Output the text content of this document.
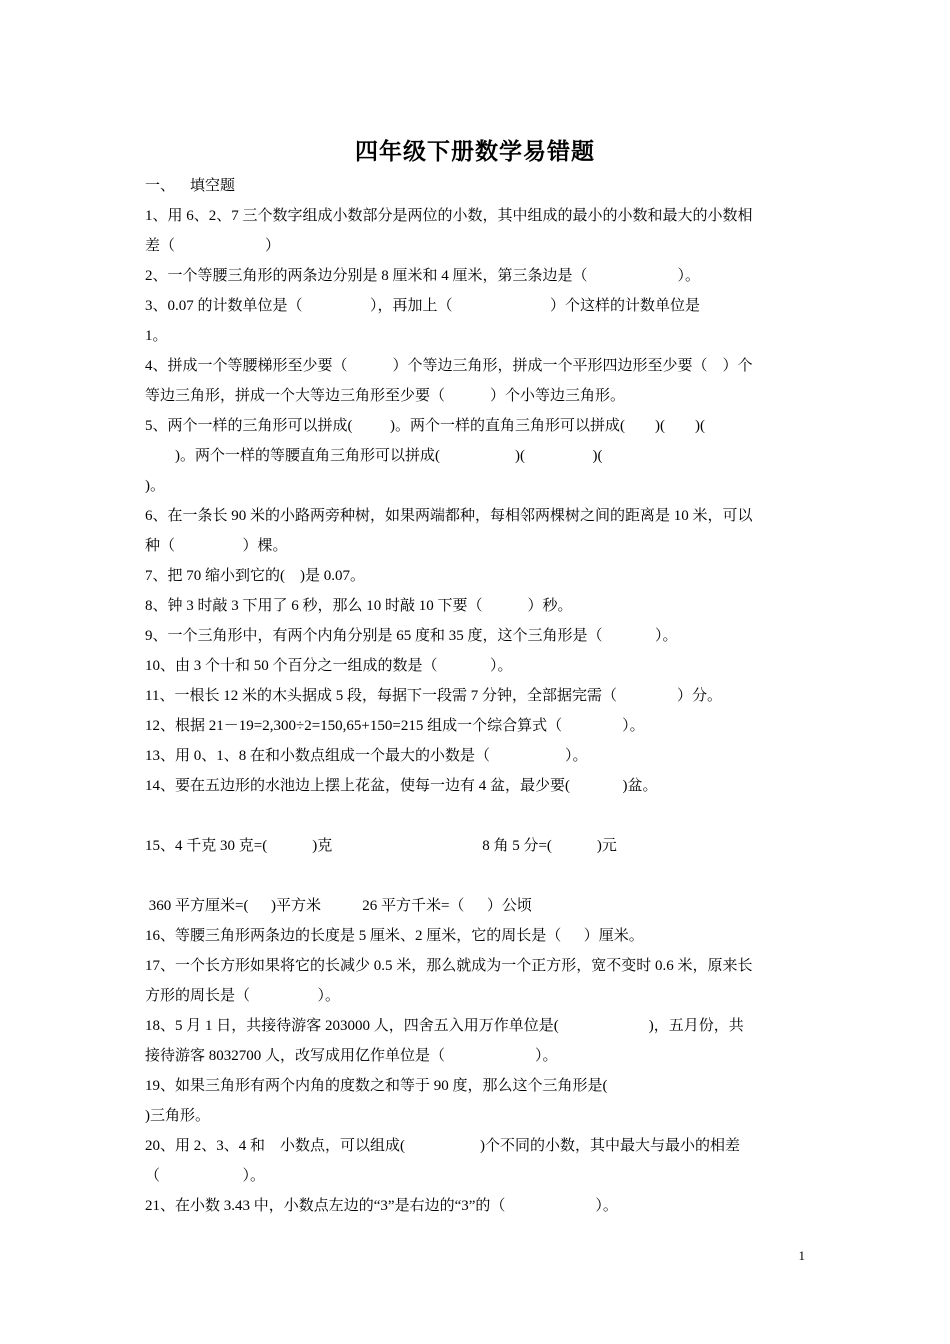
四年级下册数学易错题
一、    填空题
1、用 6、2、7 三个数字组成小数部分是两位的小数，其中组成的最小的小数和最大的小数相
差（                        ）
2、一个等腰三角形的两条边分别是 8 厘米和 4 厘米，第三条边是（                        ）。
3、0.07 的计数单位是（                  ），再加上（                          ）个这样的计数单位是
1。
4、拼成一个等腰梯形至少要（            ）个等边三角形，拼成一个平形四边形至少要（    ）个
等边三角形，拼成一个大等边三角形至少要（            ）个小等边三角形。
5、两个一样的三角形可以拼成(          )。两个一样的直角三角形可以拼成(        )(        )(
)。两个一样的等腰直角三角形可以拼成(                    )(                  )(
)。
6、在一条长 90 米的小路两旁种树，如果两端都种，每相邻两棵树之间的距离是 10 米，可以
种（                  ）棵。
7、把 70 缩小到它的(    )是 0.07。
8、钟 3 时敲 3 下用了 6 秒，那么 10 时敲 10 下要（            ）秒。
9、一个三角形中，有两个内角分别是 65 度和 35 度，这个三角形是（              ）。
10、由 3 个十和 50 个百分之一组成的数是（              ）。
11、一根长 12 米的木头据成 5 段，每据下一段需 7 分钟，全部据完需（                ）分。
12、根据 21－19=2,300÷2=150,65+150=215 组成一个综合算式（                ）。
13、用 0、1、8 在和小数点组成一个最大的小数是（                    ）。
14、要在五边形的水池边上摆上花盆，使每一边有 4 盆，最少要(              )盆。
15、4 千克 30 克=(            )克                                        8 角 5 分=(            )元
360 平方厘米=(      )平方米           26 平方千米=（      ）公顷
16、等腰三角形两条边的长度是 5 厘米、2 厘米，它的周长是（      ）厘米。
17、一个长方形如果将它的长减少 0.5 米，那么就成为一个正方形，宽不变时 0.6 米，原来长
方形的周长是（                  ）。
18、5 月 1 日，共接待游客 203000 人，四舍五入用万作单位是(                        )，五月份，共
接待游客 8032700 人，改写成用亿作单位是（                        ）。
19、如果三角形有两个内角的度数之和等于 90 度，那么这个三角形是(
)三角形。
20、用 2、3、4 和    小数点，可以组成(                    )个不同的小数，其中最大与最小的相差
（                      ）。
21、在小数 3.43 中，小数点左边的“3”是右边的“3”的（                        ）。
1
